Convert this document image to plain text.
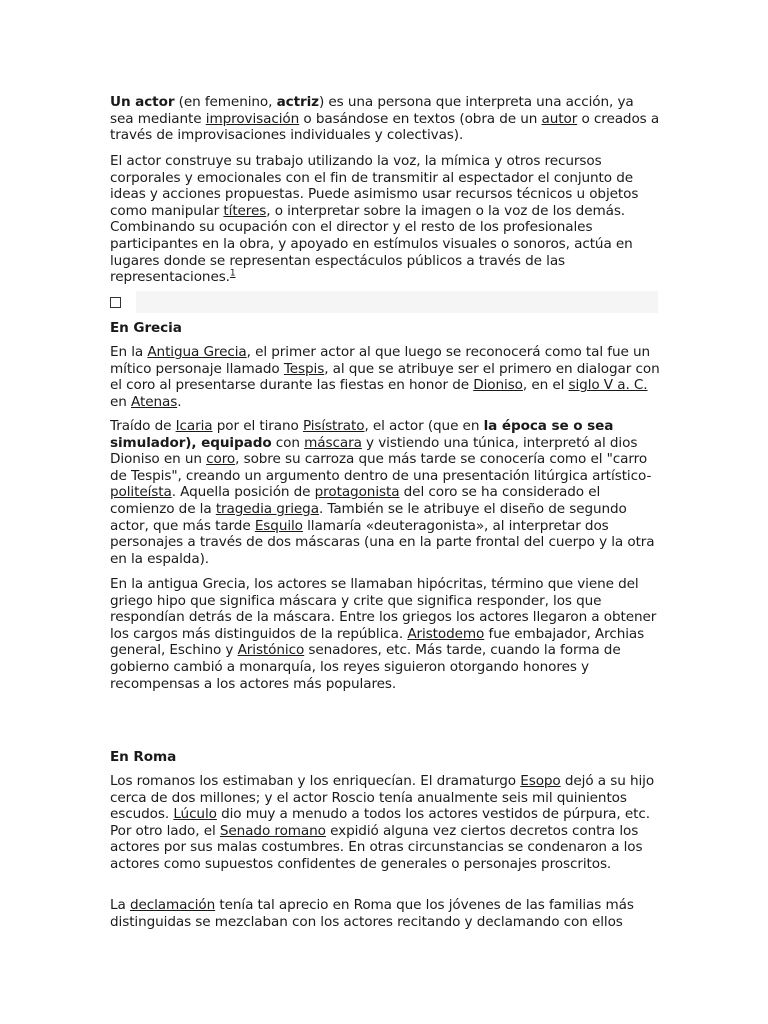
Un actor (en femenino, actriz) es una persona que interpreta una acción, ya sea mediante improvisación o basándose en textos (obra de un autor o creados a través de improvisaciones individuales y colectivas).

El actor construye su trabajo utilizando la voz, la mímica y otros recursos corporales y emocionales con el fin de transmitir al espectador el conjunto de ideas y acciones propuestas. Puede asimismo usar recursos técnicos u objetos como manipular títeres, o interpretar sobre la imagen o la voz de los demás. Combinando su ocupación con el director y el resto de los profesionales participantes en la obra, y apoyado en estímulos visuales o sonoros, actúa en lugares donde se representan espectáculos públicos a través de las representaciones.$^1$

En Grecia

En la Antigua Grecia, el primer actor al que luego se reconocerá como tal fue un mítico personaje llamado Tespis, al que se atribuye ser el primero en dialogar con el coro al presentarse durante las fiestas en honor de Dioniso, en el siglo V a. C. en Atenas.

Traído de Icaria por el tirano Pisístrato, el actor (que en la época se o sea simulador), equipado con máscara y vistiendo una túnica, interpretó al dios Dioniso en un coro, sobre su carroza que más tarde se conocería como el "carro de Tespis", creando un argumento dentro de una presentación litúrgica artístico-politeísta. Aquella posición de protagonista del coro se ha considerado el comienzo de la tragedia griega. También se le atribuye el diseño de segundo actor, que más tarde Esquilo llamaría «deuteragonista», al interpretar dos personajes a través de dos máscaras (una en la parte frontal del cuerpo y la otra en la espalda).

En la antigua Grecia, los actores se llamaban hipócritas, término que viene del griego hipo que significa máscara y crite que significa responder, los que respondían detrás de la máscara. Entre los griegos los actores llegaron a obtener los cargos más distinguidos de la república. Aristodemo fue embajador, Archias general, Eschino y Aristónico senadores, etc. Más tarde, cuando la forma de gobierno cambió a monarquía, los reyes siguieron otorgando honores y recompensas a los actores más populares.

En Roma

Los romanos los estimaban y los enriquecían. El dramaturgo Esopo dejó a su hijo cerca de dos millones; y el actor Roscio tenía anualmente seis mil quinientos escudos. Lúculo dio muy a menudo a todos los actores vestidos de púrpura, etc. Por otro lado, el Senado romano expidió alguna vez ciertos decretos contra los actores por sus malas costumbres. En otras circunstancias se condenaron a los actores como supuestos confidentes de generales o personajes proscritos.

La declamación tenía tal aprecio en Roma que los jóvenes de las familias más distinguidas se mezclaban con los actores recitando y declamando con ellos
